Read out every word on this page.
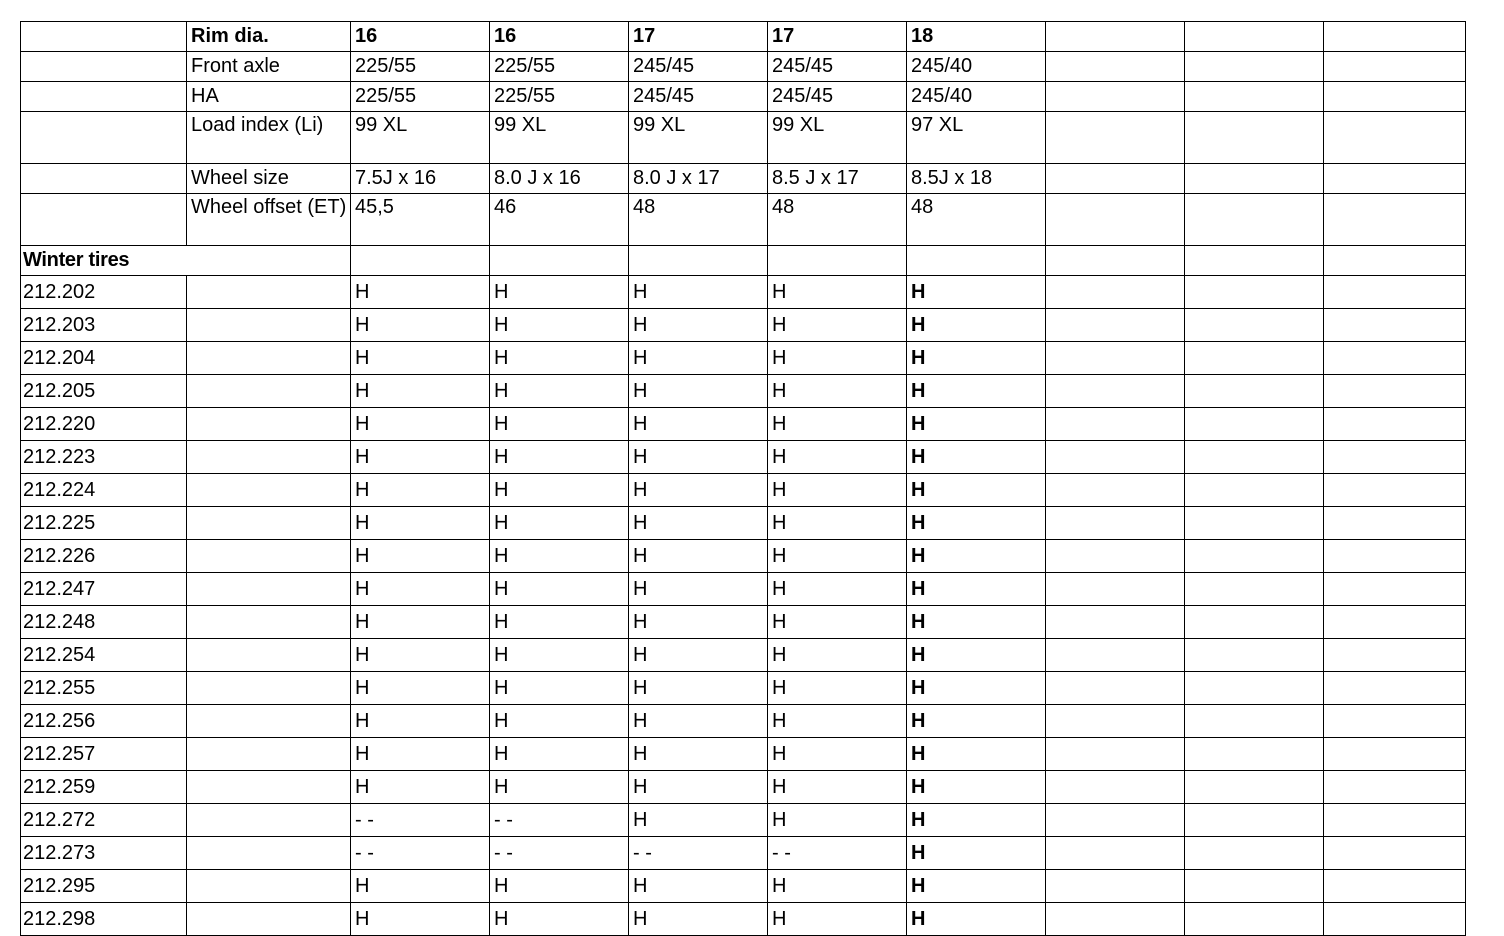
	Rim dia.	16	16	17	17	18			
	Front axle	225/55	225/55	245/45	245/45	245/40			
	HA	225/55	225/55	245/45	245/45	245/40			
	Load index (Li)	99 XL	99 XL	99 XL	99 XL	97 XL			
	Wheel size	7.5J x 16	8.0 J x 16	8.0 J x 17	8.5 J x 17	8.5J x 18			
	Wheel offset (ET)	45,5	46	48	48	48			
Winter tires									
212.202		H	H	H	H	H			
212.203		H	H	H	H	H			
212.204		H	H	H	H	H			
212.205		H	H	H	H	H			
212.220		H	H	H	H	H			
212.223		H	H	H	H	H			
212.224		H	H	H	H	H			
212.225		H	H	H	H	H			
212.226		H	H	H	H	H			
212.247		H	H	H	H	H			
212.248		H	H	H	H	H			
212.254		H	H	H	H	H			
212.255		H	H	H	H	H			
212.256		H	H	H	H	H			
212.257		H	H	H	H	H			
212.259		H	H	H	H	H			
212.272		- -	- -	H	H	H			
212.273		- -	- -	- -	- -	H			
212.295		H	H	H	H	H			
212.298		H	H	H	H	H			
